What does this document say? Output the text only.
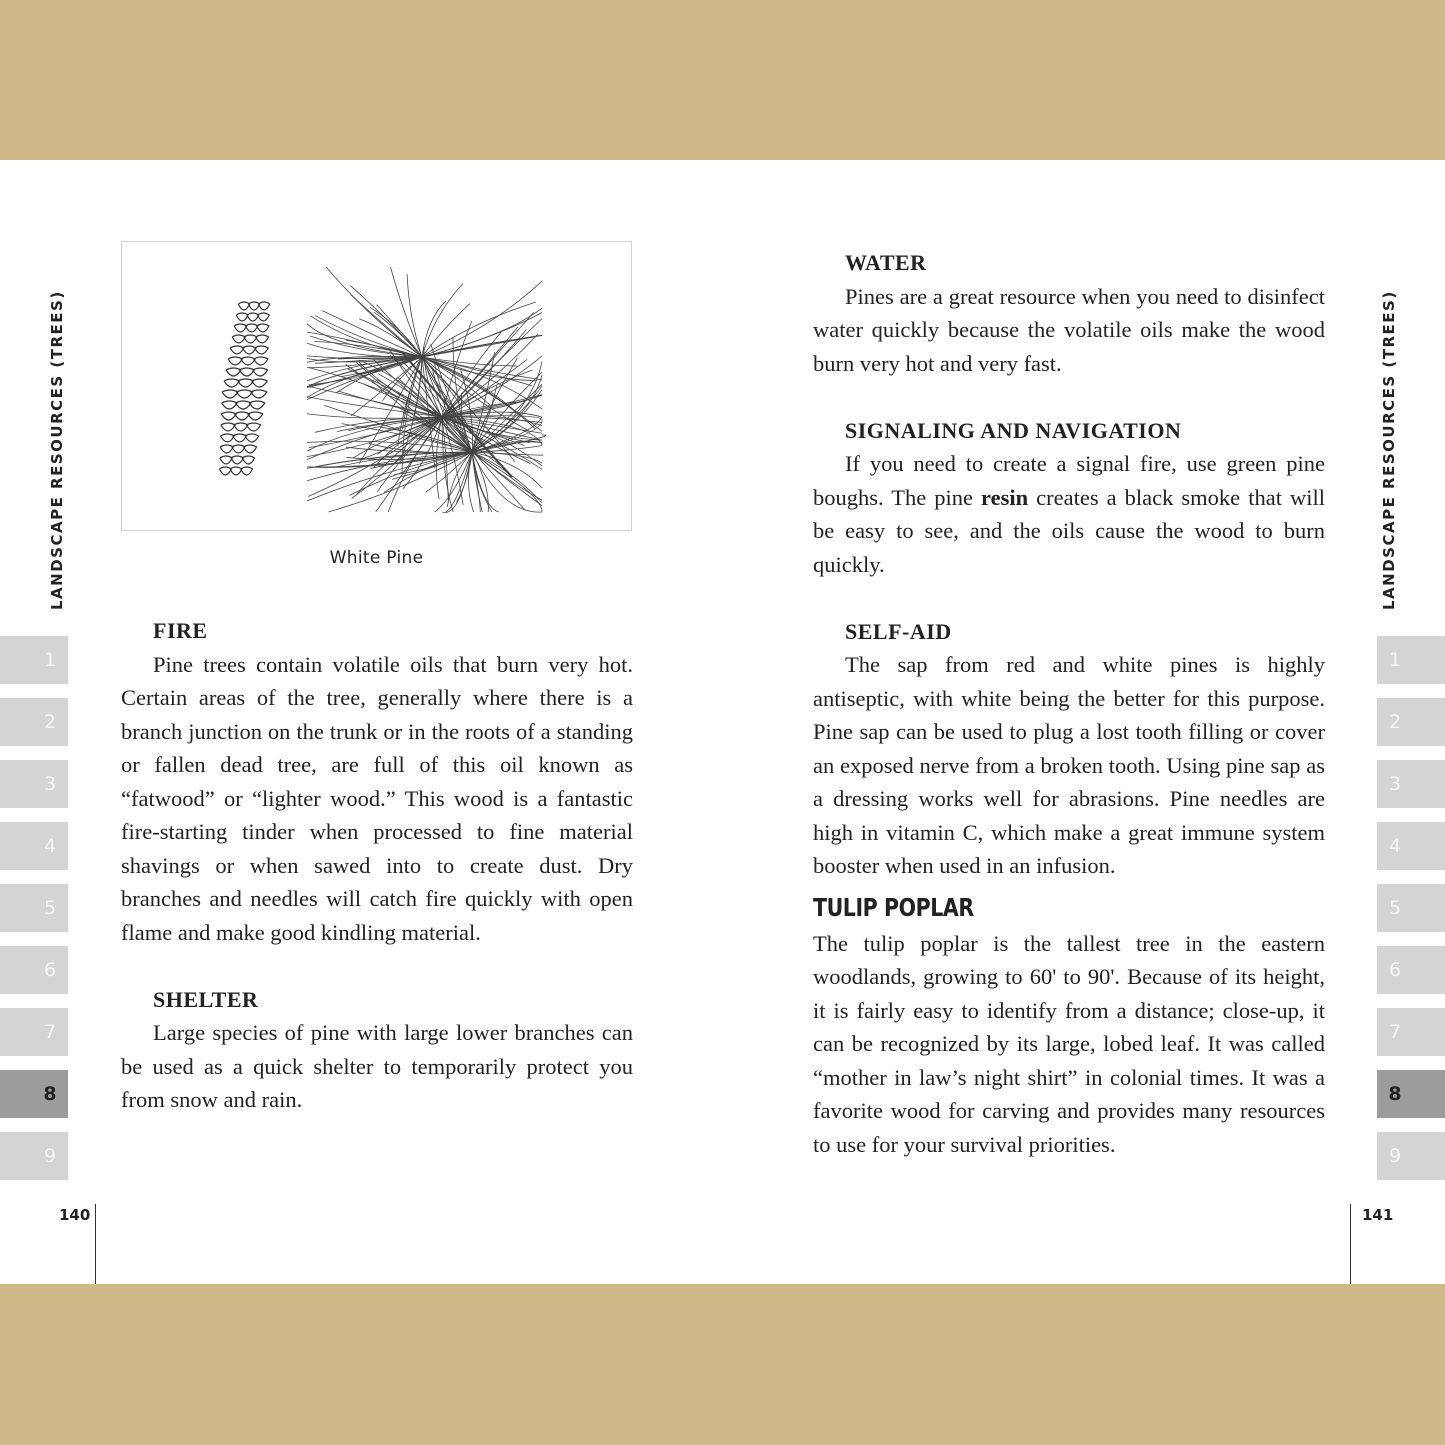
White Pine
FIRE

Pine trees contain volatile oils that burn very hot. Certain areas of the tree, generally where there is a branch junction on the trunk or in the roots of a standing or fallen dead tree, are full of this oil known as “fatwood” or “lighter wood.” This wood is a fantastic fire-starting tinder when processed to fine material shavings or when sawed into to create dust. Dry branches and needles will catch fire quickly with open flame and make good kindling material.

SHELTER

Large species of pine with large lower branches can be used as a quick shelter to temporarily protect you from snow and rain.

WATER

Pines are a great resource when you need to disinfect water quickly because the volatile oils make the wood burn very hot and very fast.

SIGNALING AND NAVIGATION

If you need to create a signal fire, use green pine boughs. The pine resin creates a black smoke that will be easy to see, and the oils cause the wood to burn quickly.

SELF-AID

The sap from red and white pines is highly antiseptic, with white being the better for this purpose. Pine sap can be used to plug a lost tooth filling or cover an exposed nerve from a broken tooth. Using pine sap as a dressing works well for abrasions. Pine needles are high in vitamin C, which make a great immune system booster when used in an infusion.

TULIP POPLAR

The tulip poplar is the tallest tree in the eastern woodlands, growing to 60' to 90'. Because of its height, it is fairly easy to identify from a distance; close-up, it can be recognized by its large, lobed leaf. It was called “mother in law’s night shirt” in colonial times. It was a favorite wood for carving and provides many resources to use for your survival priorities.

LANDSCAPE RESOURCES (TREES)	LANDSCAPE RESOURCES (TREES)
1
2
3
4
5
6
7
8
9
1
2
3
4
5
6
7
8
9
140	141
